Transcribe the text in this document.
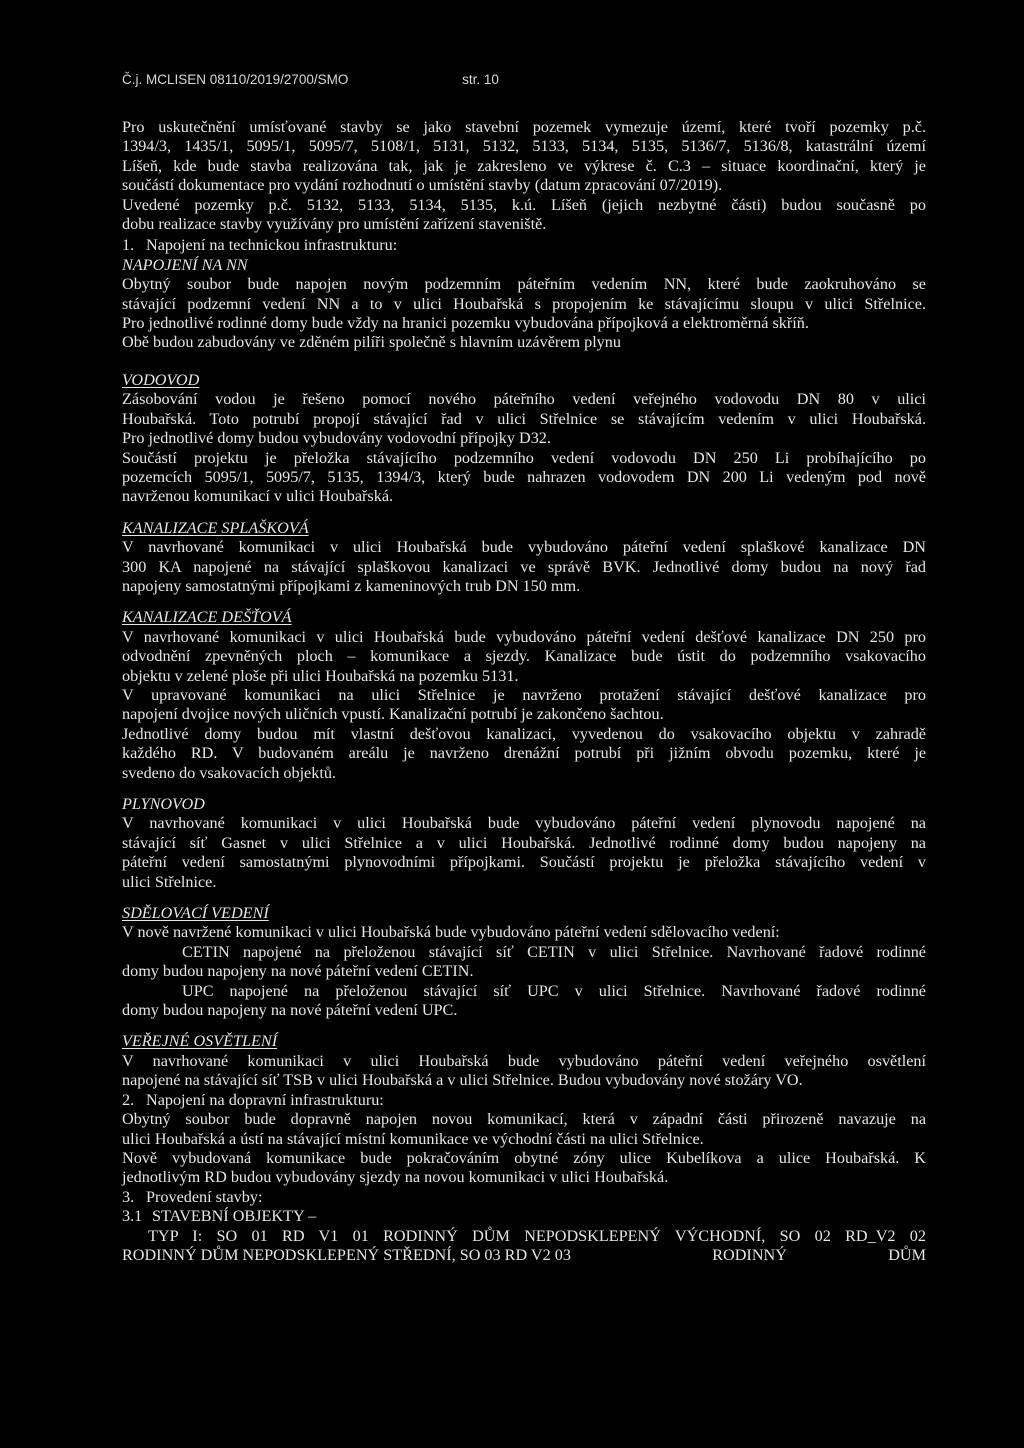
Č.j. MCLISEN 08110/2019/2700/SMO	str. 10

Pro uskutečnění umísťované stavby se jako stavební pozemek vymezuje území, které tvoří pozemky p.č.

1394/3, 1435/1, 5095/1, 5095/7, 5108/1, 5131, 5132, 5133, 5134, 5135, 5136/7, 5136/8, katastrální území

Líšeň, kde bude stavba realizována tak, jak je zakresleno ve výkrese č. C.3 – situace koordinační, který je

součástí dokumentace pro vydání rozhodnutí o umístění stavby (datum zpracování 07/2019).

Uvedené pozemky p.č. 5132, 5133, 5134, 5135, k.ú. Líšeň (jejich nezbytné části) budou současně po

dobu realizace stavby využívány pro umístění zařízení staveniště.

1. Napojení na technickou infrastrukturu:

NAPOJENÍ NA NN

Obytný soubor bude napojen novým podzemním páteřním vedením NN, které bude zaokruhováno se

stávající podzemní vedení NN a to v ulici Houbařská s propojením ke stávajícímu sloupu v ulici Střelnice.

Pro jednotlivé rodinné domy bude vždy na hranici pozemku vybudována přípojková a elektroměrná skříň.

Obě budou zabudovány ve zděném pilíři společně s hlavním uzávěrem plynu

VODOVOD

Zásobování vodou je řešeno pomocí nového páteřního vedení veřejného vodovodu DN 80 v ulici

Houbařská. Toto potrubí propojí stávající řad v ulici Střelnice se stávajícím vedením v ulici Houbařská.

Pro jednotlivé domy budou vybudovány vodovodní přípojky D32.

Součástí projektu je přeložka stávajícího podzemního vedení vodovodu DN 250 Li probíhajícího po

pozemcích 5095/1, 5095/7, 5135, 1394/3, který bude nahrazen vodovodem DN 200 Li vedeným pod nově

navrženou komunikací v ulici Houbařská.

KANALIZACE SPLAŠKOVÁ

V navrhované komunikaci v ulici Houbařská bude vybudováno páteřní vedení splaškové kanalizace DN

300 KA napojené na stávající splaškovou kanalizaci ve správě BVK. Jednotlivé domy budou na nový řad

napojeny samostatnými přípojkami z kameninových trub DN 150 mm.

KANALIZACE DEŠŤOVÁ

V navrhované komunikaci v ulici Houbařská bude vybudováno páteřní vedení dešťové kanalizace DN 250 pro

odvodnění zpevněných ploch – komunikace a sjezdy. Kanalizace bude ústit do podzemního vsakovacího

objektu v zelené ploše při ulici Houbařská na pozemku 5131.

V upravované komunikaci na ulici Střelnice je navrženo protažení stávající dešťové kanalizace pro

napojení dvojice nových uličních vpustí. Kanalizační potrubí je zakončeno šachtou.

Jednotlivé domy budou mít vlastní dešťovou kanalizaci, vyvedenou do vsakovacího objektu v zahradě

každého RD. V budovaném areálu je navrženo drenážní potrubí při jižním obvodu pozemku, které je

svedeno do vsakovacích objektů.

PLYNOVOD

V navrhované komunikaci v ulici Houbařská bude vybudováno páteřní vedení plynovodu napojené na

stávající síť Gasnet v ulici Střelnice a v ulici Houbařská. Jednotlivé rodinné domy budou napojeny na

páteřní vedení samostatnými plynovodními přípojkami. Součástí projektu je přeložka stávajícího vedení v

ulici Střelnice.

SDĚLOVACÍ VEDENÍ

V nově navržené komunikaci v ulici Houbařská bude vybudováno páteřní vedení sdělovacího vedení:

CETIN napojené na přeloženou stávající síť CETIN v ulici Střelnice. Navrhované řadové rodinné

domy budou napojeny na nové páteřní vedení CETIN.

UPC napojené na přeloženou stávající síť UPC v ulici Střelnice. Navrhované řadové rodinné

domy budou napojeny na nové páteřní vedení UPC.

VEŘEJNÉ OSVĚTLENÍ

V navrhované komunikaci v ulici Houbařská bude vybudováno páteřní vedení veřejného osvětlení

napojené na stávající síť TSB v ulici Houbařská a v ulici Střelnice. Budou vybudovány nové stožáry VO.

2. Napojení na dopravní infrastrukturu:

Obytný soubor bude dopravně napojen novou komunikací, která v západní části přirozeně navazuje na

ulici Houbařská a ústí na stávající místní komunikace ve východní části na ulici Střelnice.

Nově vybudovaná komunikace bude pokračováním obytné zóny ulice Kubelíkova a ulice Houbařská. K

jednotlivým RD budou vybudovány sjezdy na novou komunikaci v ulici Houbařská.

3. Provedení stavby:
3.1 STAVEBNÍ OBJEKTY –

TYP I: SO 01 RD V1 01 RODINNÝ DŮM NEPODSKLEPENÝ VÝCHODNÍ, SO 02 RD_V2 02

RODINNÝ DŮM NEPODSKLEPENÝ STŘEDNÍ, SO 03 RD V2 03	RODINNÝ	DŮM
